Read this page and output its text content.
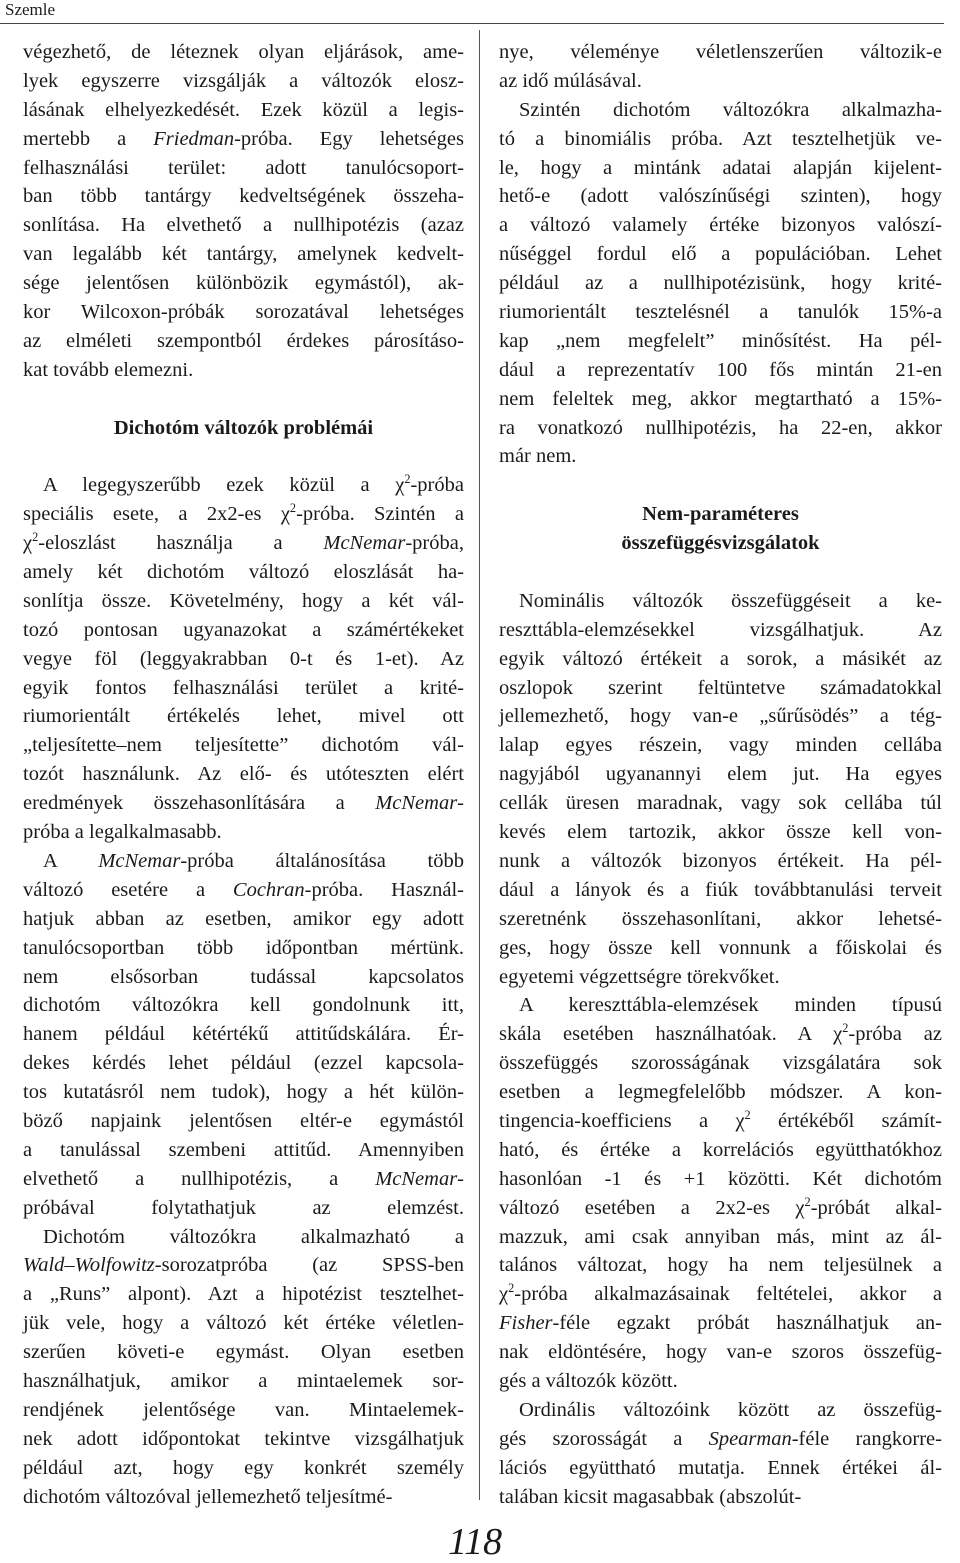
Szemle
végezhető, de léteznek olyan eljárások, ame-
lyek egyszerre vizsgálják a változók elosz-
lásának elhelyezkedését. Ezek közül a legis-
mertebb a Friedman-próba. Egy lehetséges
felhasználási terület: adott tanulócsoport-
ban több tantárgy kedveltségének összeha-
sonlítása. Ha elvethető a nullhipotézis (azaz
van legalább két tantárgy, amelynek kedvelt-
sége jelentősen különbözik egymástól), ak-
kor Wilcoxon-próbák sorozatával lehetséges
az elméleti szempontból érdekes párosításo-
kat tovább elemezni.
Dichotóm változók problémái
A legegyszerűbb ezek közül a $\chi^2$-próba
speciális esete, a 2x2-es $\chi^2$-próba. Szintén a
$\chi^2$-eloszlást használja a McNemar-próba,
amely két dichotóm változó eloszlását ha-
sonlítja össze. Követelmény, hogy a két vál-
tozó pontosan ugyanazokat a számértékeket
vegye föl (leggyakrabban 0-t és 1-et). Az
egyik fontos felhasználási terület a krité-
riumorientált értékelés lehet, mivel ott
„teljesítette–nem teljesítette” dichotóm vál-
tozót használunk. Az elő- és utóteszten elért
eredmények összehasonlítására a McNemar-
próba a legalkalmasabb.
A McNemar-próba általánosítása több
változó esetére a Cochran-próba. Használ-
hatjuk abban az esetben, amikor egy adott
tanulócsoportban több időpontban mértünk.
nem elsősorban tudással kapcsolatos
dichotóm változókra kell gondolnunk itt,
hanem például kétértékű attitűdskálára. Ér-
dekes kérdés lehet például (ezzel kapcsola-
tos kutatásról nem tudok), hogy a hét külön-
böző napjaink jelentősen eltér-e egymástól
a tanulással szembeni attitűd. Amennyiben
elvethető a nullhipotézis, a McNemar-
próbával folytathatjuk az elemzést.
Dichotóm változókra alkalmazható a
Wald–Wolfowitz-sorozatpróba (az SPSS-ben
a „Runs” alpont). Azt a hipotézist tesztelhet-
jük vele, hogy a változó két értéke véletlen-
szerűen követi-e egymást. Olyan esetben
használhatjuk, amikor a mintaelemek sor-
rendjének jelentősége van. Mintaelemek-
nek adott időpontokat tekintve vizsgálhatjuk
például azt, hogy egy konkrét személy
dichotóm változóval jellemezhető teljesítmé-
nye, véleménye véletlenszerűen változik-e
az idő múlásával.
Szintén dichotóm változókra alkalmazha-
tó a binomiális próba. Azt tesztelhetjük ve-
le, hogy a mintánk adatai alapján kijelent-
hető-e (adott valószínűségi szinten), hogy
a változó valamely értéke bizonyos valószí-
nűséggel fordul elő a populációban. Lehet
például az a nullhipotézisünk, hogy krité-
riumorientált tesztelésnél a tanulók 15%-a
kap „nem megfelelt” minősítést. Ha pél-
dául a reprezentatív 100 fős mintán 21-en
nem feleltek meg, akkor megtartható a 15%-
ra vonatkozó nullhipotézis, ha 22-en, akkor
már nem.
Nem-paraméteres
összefüggésvizsgálatok
Nominális változók összefüggéseit a ke-
reszttábla-elemzésekkel vizsgálhatjuk. Az
egyik változó értékeit a sorok, a másikét az
oszlopok szerint feltüntetve számadatokkal
jellemezhető, hogy van-e „sűrűsödés” a tég-
lalap egyes részein, vagy minden cellába
nagyjából ugyanannyi elem jut. Ha egyes
cellák üresen maradnak, vagy sok cellába túl
kevés elem tartozik, akkor össze kell von-
nunk a változók bizonyos értékeit. Ha pél-
dául a lányok és a fiúk továbbtanulási terveit
szeretnénk összehasonlítani, akkor lehetsé-
ges, hogy össze kell vonnunk a főiskolai és
egyetemi végzettségre törekvőket.
A kereszttábla-elemzések minden típusú
skála esetében használhatóak. A $\chi^2$-próba az
összefüggés szorosságának vizsgálatára sok
esetben a legmegfelelőbb módszer. A kon-
tingencia-koefficiens a $\chi^2$ értékéből számít-
ható, és értéke a korrelációs együtthatókhoz
hasonlóan -1 és +1 közötti. Két dichotóm
változó esetében a 2x2-es $\chi^2$-próbát alkal-
mazzuk, ami csak annyiban más, mint az ál-
talános változat, hogy ha nem teljesülnek a
$\chi^2$-próba alkalmazásainak feltételei, akkor a
Fisher-féle egzakt próbát használhatjuk an-
nak eldöntésére, hogy van-e szoros összefüg-
gés a változók között.
Ordinális változóink között az összefüg-
gés szorosságát a Spearman-féle rangkorre-
lációs együttható mutatja. Ennek értékei ál-
talában kicsit magasabbak (abszolút-
118
